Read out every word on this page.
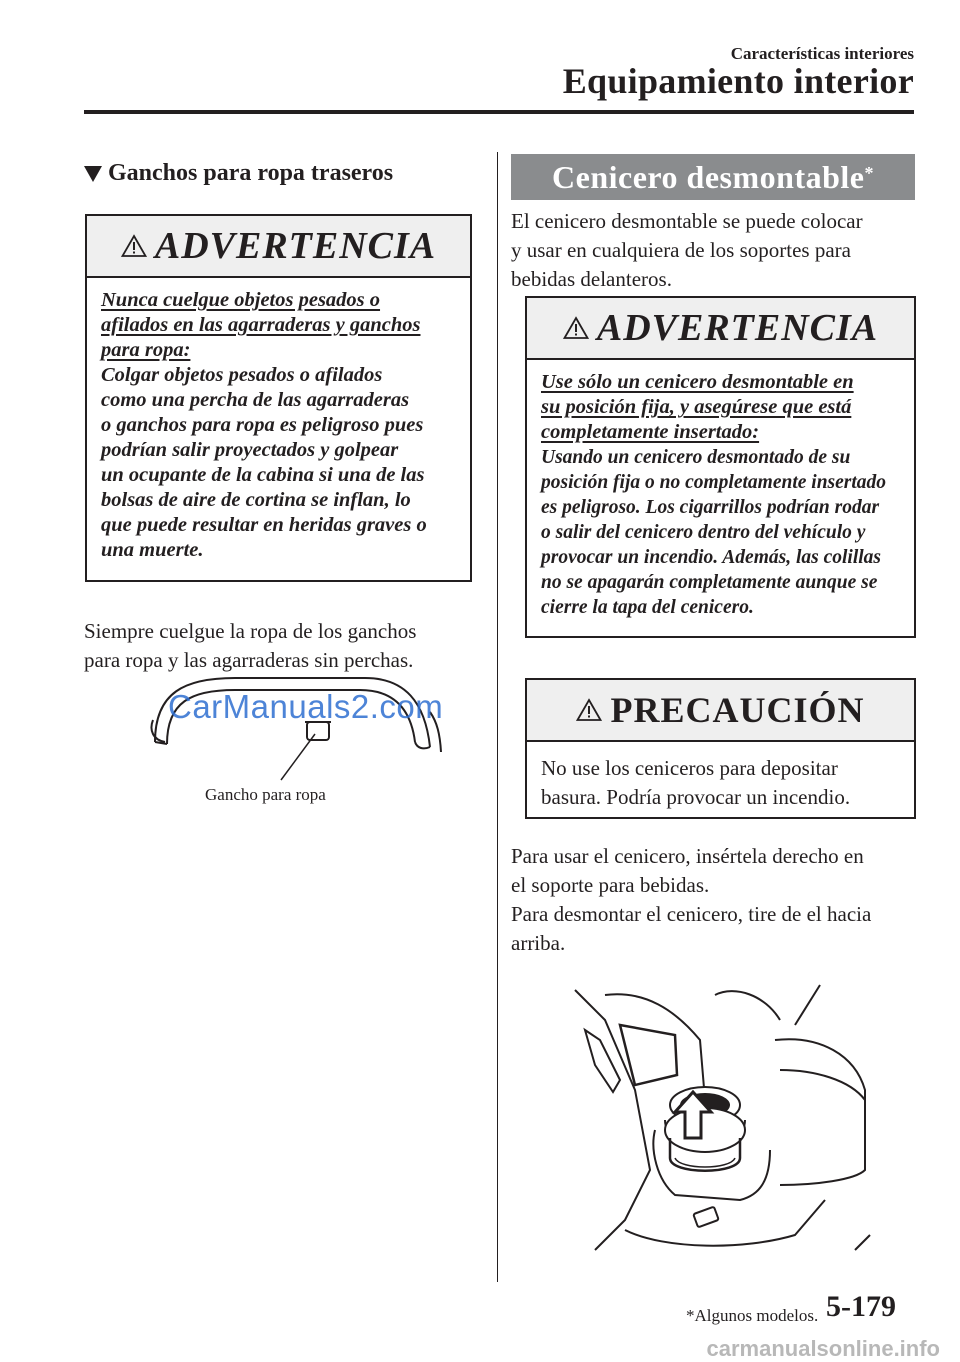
Características interiores
Equipamiento interior
Ganchos para ropa traseros
ADVERTENCIA
Nunca cuelgue objetos pesados o
afilados en las agarraderas y ganchos
para ropa:
Colgar objetos pesados o afilados
como una percha de las agarraderas
o ganchos para ropa es peligroso pues
podrían salir proyectados y golpear
un ocupante de la cabina si una de las
bolsas de aire de cortina se inflan, lo
que puede resultar en heridas graves o
una muerte.
Siempre cuelgue la ropa de los ganchos
para ropa y las agarraderas sin perchas.
CarManuals2.com
Gancho para ropa
Cenicero desmontable*
El cenicero desmontable se puede colocar
y usar en cualquiera de los soportes para
bebidas delanteros.
ADVERTENCIA
Use sólo un cenicero desmontable en
su posición fija, y asegúrese que está
completamente insertado:
Usando un cenicero desmontado de su
posición fija o no completamente insertado
es peligroso. Los cigarrillos podrían rodar
o salir del cenicero dentro del vehículo y
provocar un incendio. Además, las colillas
no se apagarán completamente aunque se
cierre la tapa del cenicero.
PRECAUCIÓN
No use los ceniceros para depositar
basura. Podría provocar un incendio.
Para usar el cenicero, insértela derecho en
el soporte para bebidas.
Para desmontar el cenicero, tire de el hacia
arriba.
*Algunos modelos. 5-179
carmanualsonline.info
